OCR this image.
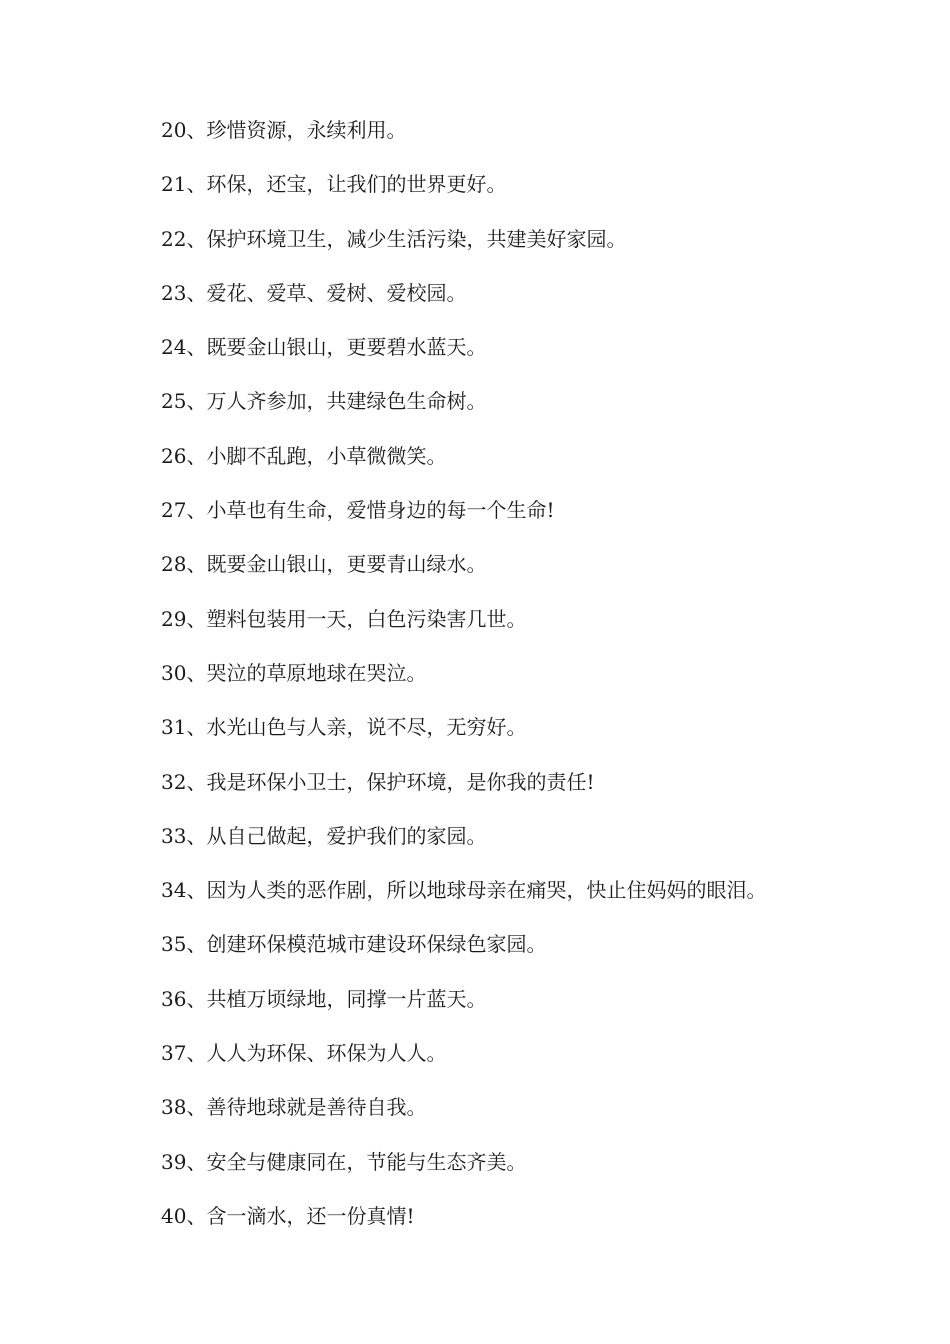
20、珍惜资源，永续利用。
21、环保，还宝，让我们的世界更好。
22、保护环境卫生，减少生活污染，共建美好家园。
23、爱花、爱草、爱树、爱校园。
24、既要金山银山，更要碧水蓝天。
25、万人齐参加，共建绿色生命树。
26、小脚不乱跑，小草微微笑。
27、小草也有生命，爱惜身边的每一个生命!
28、既要金山银山，更要青山绿水。
29、塑料包装用一天，白色污染害几世。
30、哭泣的草原地球在哭泣。
31、水光山色与人亲，说不尽，无穷好。
32、我是环保小卫士，保护环境，是你我的责任!
33、从自己做起，爱护我们的家园。
34、因为人类的恶作剧，所以地球母亲在痛哭，快止住妈妈的眼泪。
35、创建环保模范城市建设环保绿色家园。
36、共植万顷绿地，同撑一片蓝天。
37、人人为环保、环保为人人。
38、善待地球就是善待自我。
39、安全与健康同在，节能与生态齐美。
40、含一滴水，还一份真情!
